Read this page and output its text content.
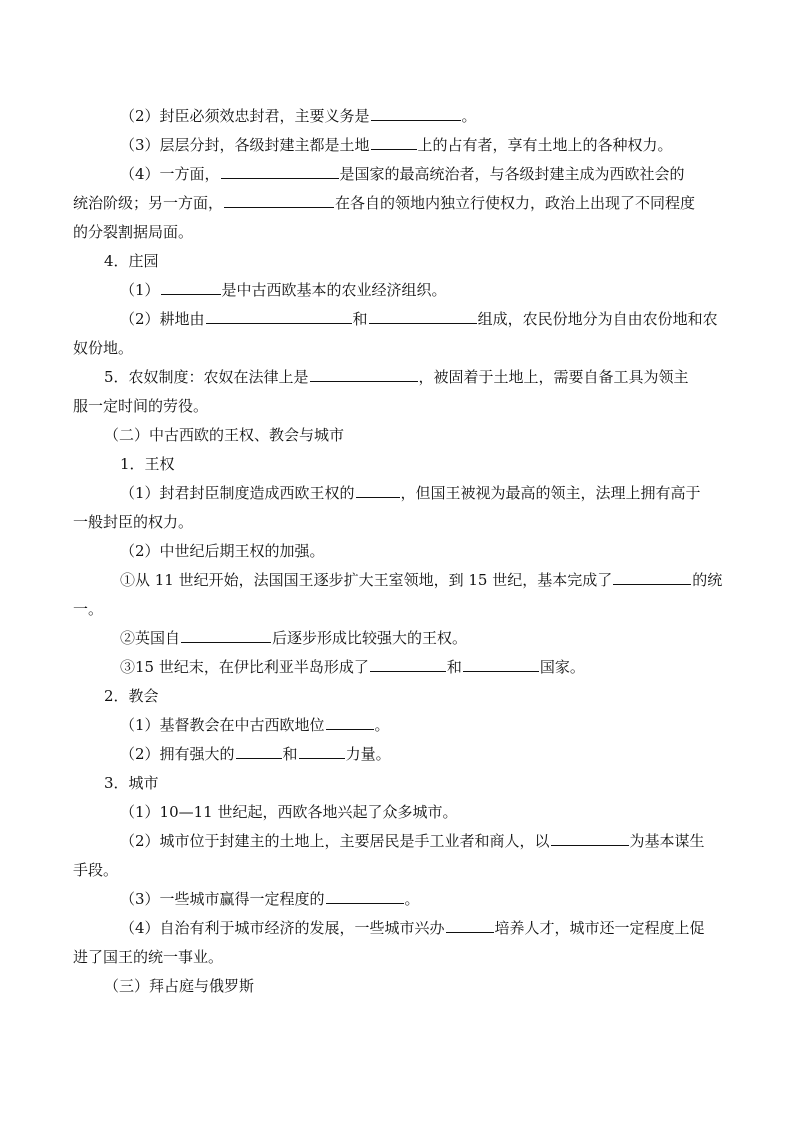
（2）封臣必须效忠封君，主要义务是	。
（3）层层分封，各级封建主都是土地	上的占有者，享有土地上的各种权力。
（4）一方面，	是国家的最高统治者，与各级封建主成为西欧社会的
统治阶级；另一方面，	在各自的领地内独立行使权力，政治上出现了不同程度
的分裂割据局面。
4．庄园
（1）	是中古西欧基本的农业经济组织。
（2）耕地由	和	组成，农民份地分为自由农份地和农
奴份地。
5．农奴制度：农奴在法律上是	，被固着于土地上，需要自备工具为领主
服一定时间的劳役。
（二）中古西欧的王权、教会与城市
1．王权
（1）封君封臣制度造成西欧王权的	，但国王被视为最高的领主，法理上拥有高于
一般封臣的权力。
（2）中世纪后期王权的加强。
①从 11 世纪开始，法国国王逐步扩大王室领地，到 15 世纪，基本完成了	的统
一。
②英国自	后逐步形成比较强大的王权。
③15 世纪末，在伊比利亚半岛形成了	和	国家。
2．教会
（1）基督教会在中古西欧地位	。
（2）拥有强大的	和	力量。
3．城市
（1）10—11 世纪起，西欧各地兴起了众多城市。
（2）城市位于封建主的土地上，主要居民是手工业者和商人，以	为基本谋生
手段。
（3）一些城市赢得一定程度的	。
（4）自治有利于城市经济的发展，一些城市兴办	培养人才，城市还一定程度上促
进了国王的统一事业。
（三）拜占庭与俄罗斯
